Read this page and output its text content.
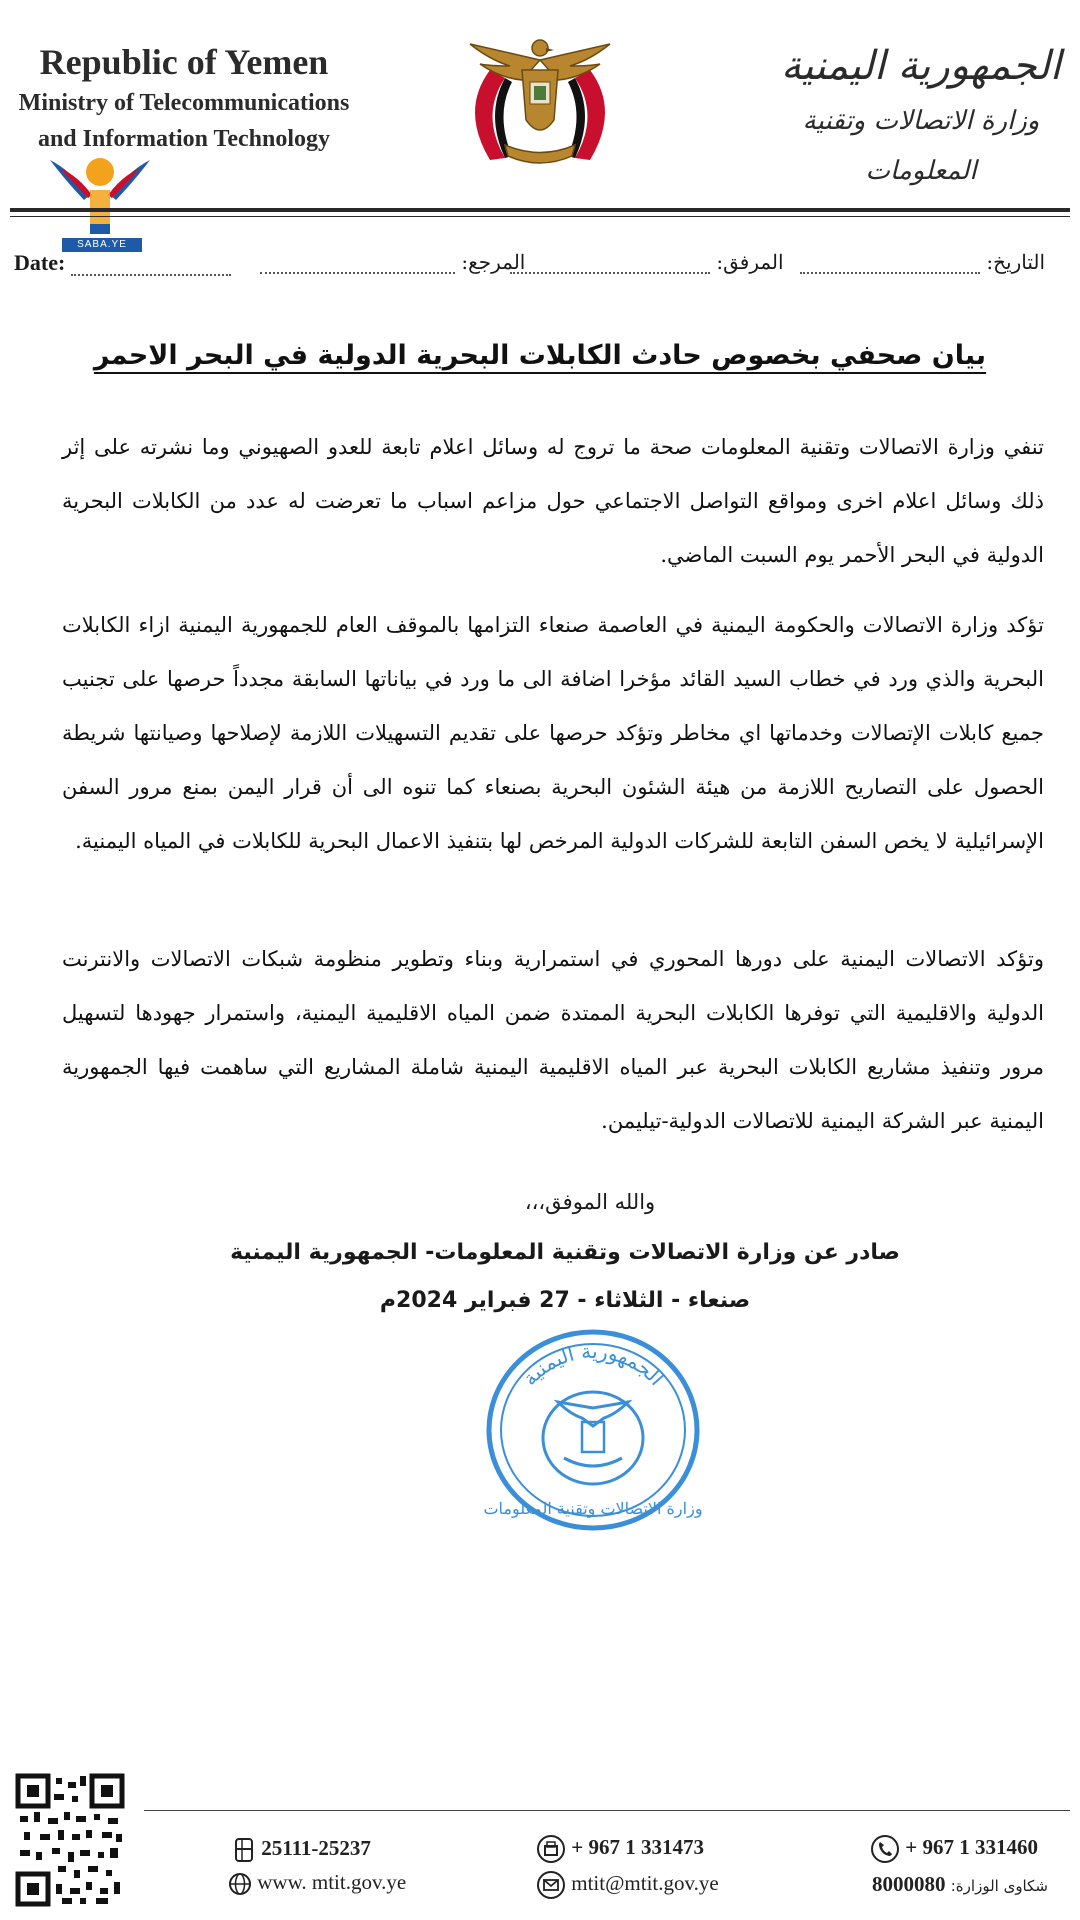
Republic of Yemen
Ministry of Telecommunications
and Information Technology
الجمهورية اليمنية
وزارة الاتصالات وتقنية المعلومات
SABA.YE
Date:	المرجع:	المرفق:	التاريخ:
بيان صحفي بخصوص حادث الكابلات البحرية الدولية في البحر الاحمر

تنفي وزارة الاتصالات وتقنية المعلومات صحة ما تروج له وسائل اعلام تابعة للعدو الصهيوني وما نشرته على إثر ذلك وسائل اعلام اخرى ومواقع التواصل الاجتماعي حول مزاعم اسباب ما تعرضت له عدد من الكابلات البحرية الدولية في البحر الأحمر يوم السبت الماضي.

تؤكد وزارة الاتصالات والحكومة اليمنية في العاصمة صنعاء التزامها بالموقف العام للجمهورية اليمنية ازاء الكابلات البحرية والذي ورد في خطاب السيد القائد مؤخرا اضافة الى ما ورد في بياناتها السابقة مجدداً حرصها على تجنيب جميع كابلات الإتصالات وخدماتها اي مخاطر وتؤكد حرصها على تقديم التسهيلات اللازمة لإصلاحها وصيانتها شريطة الحصول على التصاريح اللازمة من هيئة الشئون البحرية بصنعاء كما تنوه الى أن قرار اليمن بمنع مرور السفن الإسرائيلية لا يخص السفن التابعة للشركات الدولية المرخص لها بتنفيذ الاعمال البحرية للكابلات في المياه اليمنية.

وتؤكد الاتصالات اليمنية على دورها المحوري في استمرارية وبناء وتطوير منظومة شبكات الاتصالات والانترنت الدولية والاقليمية التي توفرها الكابلات البحرية الممتدة ضمن المياه الاقليمية اليمنية، واستمرار جهودها لتسهيل مرور وتنفيذ مشاريع الكابلات البحرية عبر المياه الاقليمية اليمنية شاملة المشاريع التي ساهمت فيها الجمهورية اليمنية عبر الشركة اليمنية للاتصالات الدولية-تيليمن.

والله الموفق،،،
صادر عن وزارة الاتصالات وتقنية المعلومات- الجمهورية اليمنية
صنعاء - الثلاثاء - 27 فبراير 2024م
الجمهورية اليمنية
وزارة الاتصالات وتقنية المعلومات
25111-25237
www. mtit.gov.ye
+ 967 1 331473
mtit@mtit.gov.ye
+ 967 1 331460
8000080 شكاوى الوزارة:
